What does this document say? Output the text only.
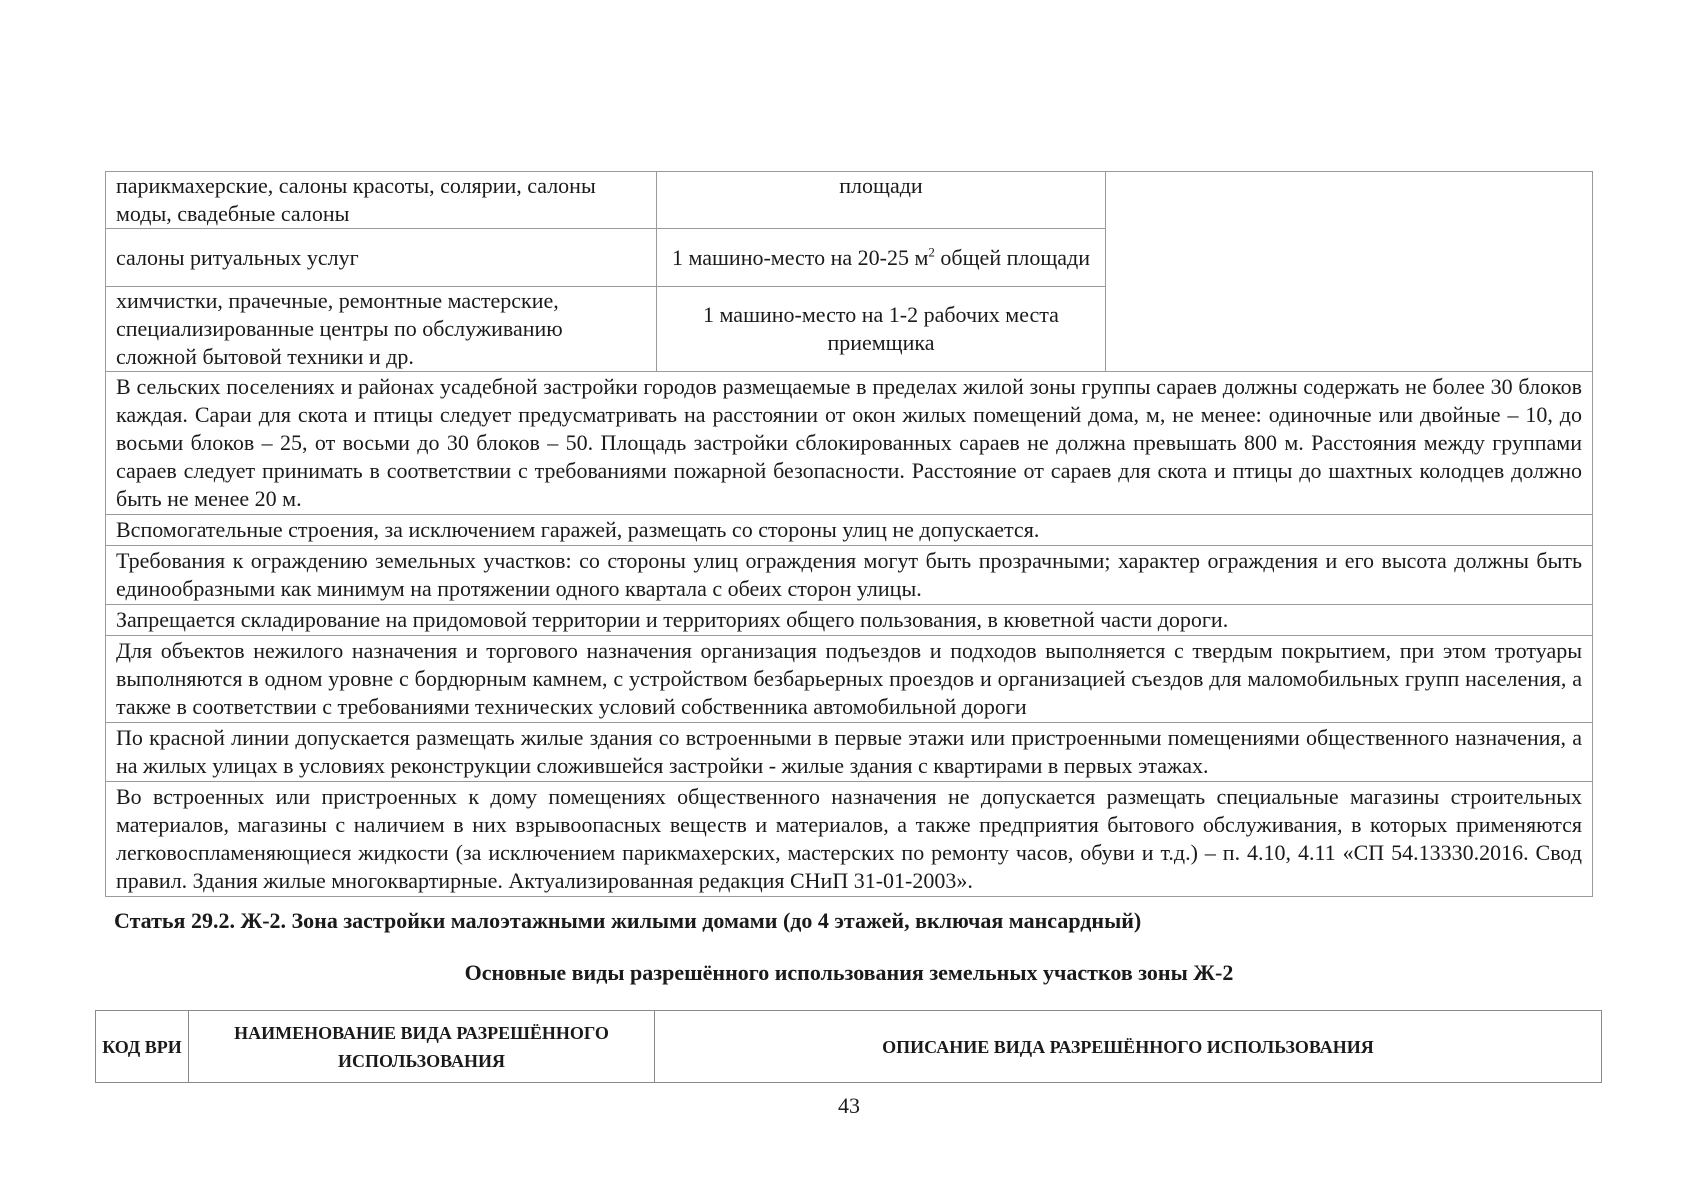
парикмахерские, салоны красоты, солярии, салоны моды, свадебные салоны	площади	
салоны ритуальных услуг	1 машино-место на 20-25 $м^2$ общей площади	
химчистки, прачечные, ремонтные мастерские, специализированные центры по обслуживанию сложной бытовой техники и др.	1 машино-место на 1-2 рабочих места приемщика	
В сельских поселениях и районах усадебной застройки городов размещаемые в пределах жилой зоны группы сараев должны содержать не более 30 блоков каждая. Сараи для скота и птицы следует предусматривать на расстоянии от окон жилых помещений дома, м, не менее: одиночные или двойные – 10, до восьми блоков – 25, от восьми до 30 блоков – 50. Площадь застройки сблокированных сараев не должна превышать 800 м. Расстояния между группами сараев следует принимать в соответствии с требованиями пожарной безопасности. Расстояние от сараев для скота и птицы до шахтных колодцев должно быть не менее 20 м.		
Вспомогательные строения, за исключением гаражей, размещать со стороны улиц не допускается.		
Требования к ограждению земельных участков: со стороны улиц ограждения могут быть прозрачными; характер ограждения и его высота должны быть единообразными как минимум на протяжении одного квартала с обеих сторон улицы.		
Запрещается складирование на придомовой территории и территориях общего пользования, в кюветной части дороги.		
Для объектов нежилого назначения и торгового назначения организация подъездов и подходов выполняется с твердым покрытием, при этом тротуары выполняются в одном уровне с бордюрным камнем, с устройством безбарьерных проездов и организацией съездов для маломобильных групп населения, а также в соответствии с требованиями технических условий собственника автомобильной дороги		
По красной линии допускается размещать жилые здания со встроенными в первые этажи или пристроенными помещениями общественного назначения, а на жилых улицах в условиях реконструкции сложившейся застройки - жилые здания с квартирами в первых этажах.		
Во встроенных или пристроенных к дому помещениях общественного назначения не допускается размещать специальные магазины строительных материалов, магазины с наличием в них взрывоопасных веществ и материалов, а также предприятия бытового обслуживания, в которых применяются легковоспламеняющиеся жидкости (за исключением парикмахерских, мастерских по ремонту часов, обуви и т.д.) – п. 4.10, 4.11 «СП 54.13330.2016. Свод правил. Здания жилые многоквартирные. Актуализированная редакция СНиП 31-01-2003».		
Статья 29.2. Ж-2. Зона застройки малоэтажными жилыми домами (до 4 этажей, включая мансардный)
Основные виды разрешённого использования земельных участков зоны Ж-2
КОД ВРИ	НАИМЕНОВАНИЕ ВИДА РАЗРЕШЁННОГО ИСПОЛЬЗОВАНИЯ	ОПИСАНИЕ ВИДА РАЗРЕШЁННОГО ИСПОЛЬЗОВАНИЯ
43
